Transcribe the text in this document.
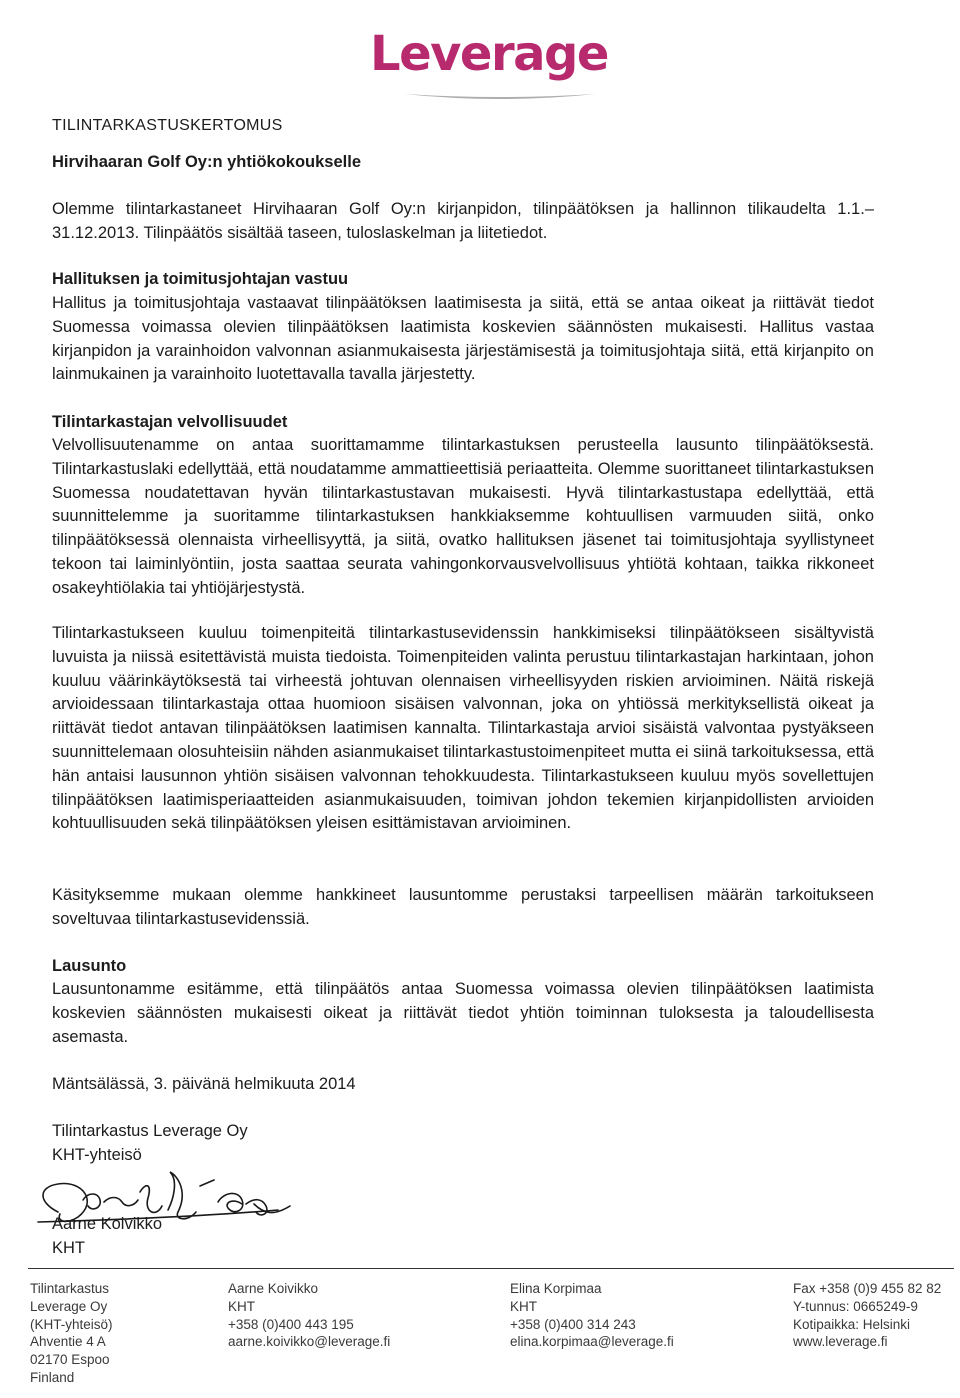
Leverage
TILINTARKASTUSKERTOMUS
Hirvihaaran Golf Oy:n yhtiökokoukselle
Olemme tilintarkastaneet Hirvihaaran Golf Oy:n kirjanpidon, tilinpäätöksen ja hallinnon tilikaudelta 1.1.– 31.12.2013. Tilinpäätös sisältää taseen, tuloslaskelman ja liitetiedot.
Hallituksen ja toimitusjohtajan vastuu
Hallitus ja toimitusjohtaja vastaavat tilinpäätöksen laatimisesta ja siitä, että se antaa oikeat ja riittävät tiedot Suomessa voimassa olevien tilinpäätöksen laatimista koskevien säännösten mukaisesti. Hallitus vastaa kirjanpidon ja varainhoidon valvonnan asianmukaisesta järjestämisestä ja toimitusjohtaja siitä, että kirjanpito on lainmukainen ja varainhoito luotettavalla tavalla järjestetty.
Tilintarkastajan velvollisuudet
Velvollisuutenamme on antaa suorittamamme tilintarkastuksen perusteella lausunto tilinpäätöksestä. Tilintarkastuslaki edellyttää, että noudatamme ammattieettisiä periaatteita. Olemme suorittaneet tilintarkastuksen Suomessa noudatettavan hyvän tilintarkastustavan mukaisesti. Hyvä tilintarkastustapa edellyttää, että suunnittelemme ja suoritamme tilintarkastuksen hankkiaksemme kohtuullisen varmuuden siitä, onko tilinpäätöksessä olennaista virheellisyyttä, ja siitä, ovatko hallituksen jäsenet tai toimitusjohtaja syyllistyneet tekoon tai laiminlyöntiin, josta saattaa seurata vahingonkorvausvelvollisuus yhtiötä kohtaan, taikka rikkoneet osakeyhtiölakia tai yhtiöjärjestystä.
Tilintarkastukseen kuuluu toimenpiteitä tilintarkastusevidenssin hankkimiseksi tilinpäätökseen sisältyvistä luvuista ja niissä esitettävistä muista tiedoista. Toimenpiteiden valinta perustuu tilintarkastajan harkintaan, johon kuuluu väärinkäytöksestä tai virheestä johtuvan olennaisen virheellisyyden riskien arvioiminen. Näitä riskejä arvioidessaan tilintarkastaja ottaa huomioon sisäisen valvonnan, joka on yhtiössä merkityksellistä oikeat ja riittävät tiedot antavan tilinpäätöksen laatimisen kannalta. Tilintarkastaja arvioi sisäistä valvontaa pystyäkseen suunnittelemaan olosuhteisiin nähden asianmukaiset tilintarkastustoimenpiteet mutta ei siinä tarkoituksessa, että hän antaisi lausunnon yhtiön sisäisen valvonnan tehokkuudesta. Tilintarkastukseen kuuluu myös sovellettujen tilinpäätöksen laatimisperiaatteiden asianmukaisuuden, toimivan johdon tekemien kirjanpidollisten arvioiden kohtuullisuuden sekä tilinpäätöksen yleisen esittämistavan arvioiminen.
Käsityksemme mukaan olemme hankkineet lausuntomme perustaksi tarpeellisen määrän tarkoitukseen soveltuvaa tilintarkastusevidenssiä.
Lausunto
Lausuntonamme esitämme, että tilinpäätös antaa Suomessa voimassa olevien tilinpäätöksen laatimista koskevien säännösten mukaisesti oikeat ja riittävät tiedot yhtiön toiminnan tuloksesta ja taloudellisesta asemasta.
Mäntsälässä, 3. päivänä helmikuuta 2014
Tilintarkastus Leverage Oy
KHT-yhteisö
Aarne Koivikko
KHT
Tilintarkastus
Leverage Oy
(KHT-yhteisö)
Ahventie 4 A
02170 Espoo
Finland
Aarne Koivikko
KHT
+358 (0)400 443 195
aarne.koivikko@leverage.fi
Elina Korpimaa
KHT
+358 (0)400 314 243
elina.korpimaa@leverage.fi
Fax +358 (0)9 455 82 82
Y-tunnus: 0665249-9
Kotipaikka: Helsinki
www.leverage.fi
